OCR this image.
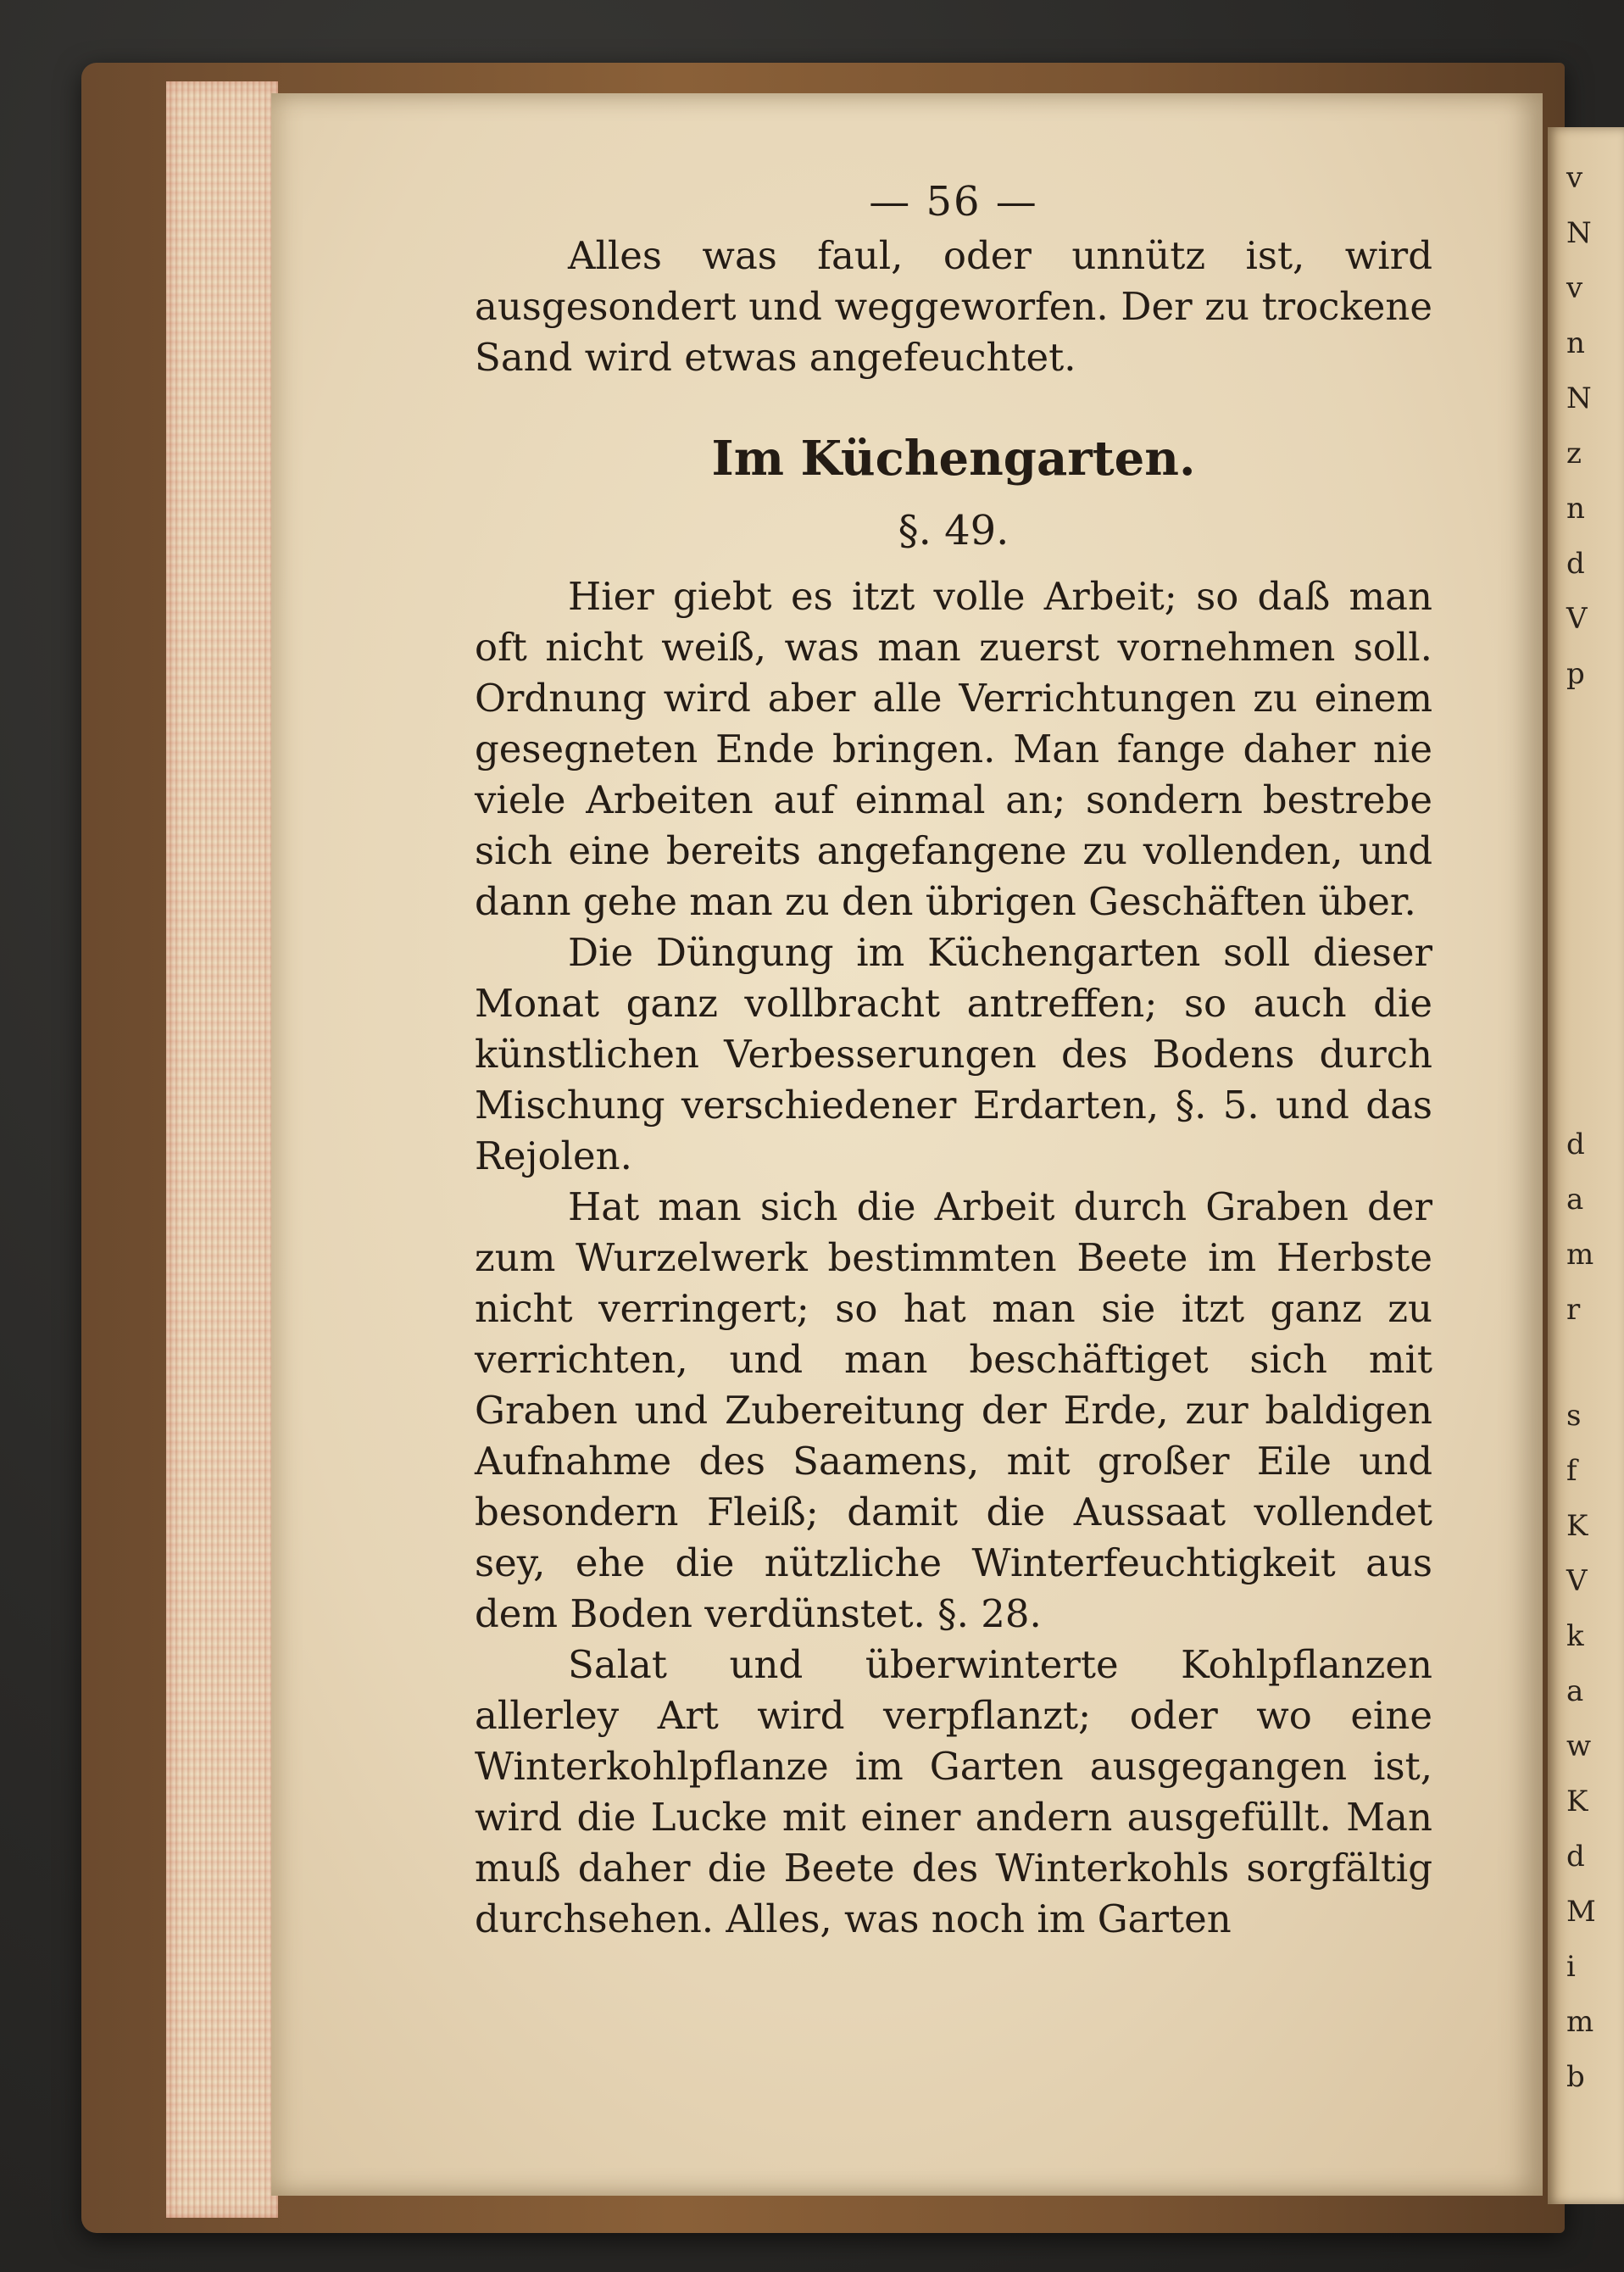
v
N
v
n
N
z
n
d
V
p
d
a
m
r
s
f
K
V
k
a
w
K
d
M
i
m
b
— 56 —

Alles was faul, oder unnütz ist, wird ausgesondert und weggeworfen. Der zu trockene Sand wird etwas angefeuchtet.

Im Küchengarten.
§. 49.

Hier giebt es itzt volle Arbeit; so daß man oft nicht weiß, was man zuerst vornehmen soll. Ordnung wird aber alle Verrichtungen zu einem gesegneten Ende bringen. Man fange daher nie viele Arbeiten auf einmal an; sondern bestrebe sich eine bereits angefangene zu vollenden, und dann gehe man zu den übrigen Geschäften über.

Die Düngung im Küchengarten soll dieser Monat ganz vollbracht antreffen; so auch die künstlichen Verbesserungen des Bodens durch Mischung verschiedener Erdarten, §. 5. und das Rejolen.

Hat man sich die Arbeit durch Graben der zum Wurzelwerk bestimmten Beete im Herbste nicht verringert; so hat man sie itzt ganz zu verrichten, und man beschäftiget sich mit Graben und Zubereitung der Erde, zur baldigen Aufnahme des Saamens, mit großer Eile und besondern Fleiß; damit die Aussaat vollendet sey, ehe die nützliche Winterfeuchtigkeit aus dem Boden verdünstet. §. 28.

Salat und überwinterte Kohlpflanzen allerley Art wird verpflanzt; oder wo eine Winterkohlpflanze im Garten ausgegangen ist, wird die Lucke mit einer andern ausgefüllt. Man muß daher die Beete des Winterkohls sorgfältig durchsehen. Alles, was noch im Garten
